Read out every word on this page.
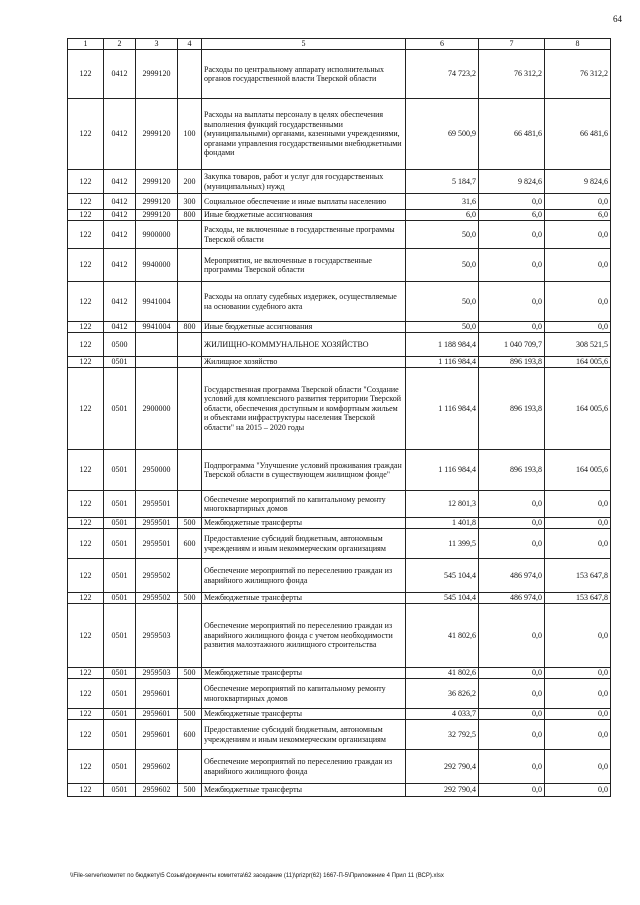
64
1	2	3	4	5	6	7	8
122	0412	2999120		Расходы по центральному аппарату исполнительных органов государственной власти Тверской области	74 723,2	76 312,2	76 312,2
122	0412	2999120	100	Расходы на выплаты персоналу в целях обеспечения выполнения функций государственными (муниципальными) органами, казенными учреждениями, органами управления государственными внебюджетными фондами	69 500,9	66 481,6	66 481,6
122	0412	2999120	200	Закупка товаров, работ и услуг для государственных (муниципальных) нужд	5 184,7	9 824,6	9 824,6
122	0412	2999120	300	Социальное обеспечение и иные выплаты населению	31,6	0,0	0,0
122	0412	2999120	800	Иные бюджетные ассигнования	6,0	6,0	6,0
122	0412	9900000		Расходы, не включенные в государственные программы Тверской области	50,0	0,0	0,0
122	0412	9940000		Мероприятия, не включенные в государственные программы Тверской области	50,0	0,0	0,0
122	0412	9941004		Расходы на оплату судебных издержек, осуществляемые на основании судебного акта	50,0	0,0	0,0
122	0412	9941004	800	Иные бюджетные ассигнования	50,0	0,0	0,0
122	0500			ЖИЛИЩНО-КОММУНАЛЬНОЕ ХОЗЯЙСТВО	1 188 984,4	1 040 709,7	308 521,5
122	0501			Жилищное хозяйство	1 116 984,4	896 193,8	164 005,6
122	0501	2900000		Государственная программа Тверской области "Создание условий для комплексного развития территории Тверской области, обеспечения доступным и комфортным жильем и объектами инфраструктуры населения Тверской области" на 2015 – 2020 годы	1 116 984,4	896 193,8	164 005,6
122	0501	2950000		Подпрограмма "Улучшение условий проживания граждан Тверской области в существующем жилищном фонде"	1 116 984,4	896 193,8	164 005,6
122	0501	2959501		Обеспечение мероприятий по капитальному ремонту многоквартирных домов	12 801,3	0,0	0,0
122	0501	2959501	500	Межбюджетные трансферты	1 401,8	0,0	0,0
122	0501	2959501	600	Предоставление субсидий бюджетным, автономным учреждениям и иным некоммерческим организациям	11 399,5	0,0	0,0
122	0501	2959502		Обеспечение мероприятий по переселению граждан из аварийного жилищного фонда	545 104,4	486 974,0	153 647,8
122	0501	2959502	500	Межбюджетные трансферты	545 104,4	486 974,0	153 647,8
122	0501	2959503		Обеспечение мероприятий по переселению граждан из аварийного жилищного фонда с учетом необходимости развития малоэтажного жилищного строительства	41 802,6	0,0	0,0
122	0501	2959503	500	Межбюджетные трансферты	41 802,6	0,0	0,0
122	0501	2959601		Обеспечение мероприятий по капитальному ремонту многоквартирных домов	36 826,2	0,0	0,0
122	0501	2959601	500	Межбюджетные трансферты	4 033,7	0,0	0,0
122	0501	2959601	600	Предоставление субсидий бюджетным, автономным учреждениям и иным некоммерческим организациям	32 792,5	0,0	0,0
122	0501	2959602		Обеспечение мероприятий по переселению граждан из аварийного жилищного фонда	292 790,4	0,0	0,0
122	0501	2959602	500	Межбюджетные трансферты	292 790,4	0,0	0,0
\\File-server\комитет по бюджету\5 Созыв\документы комитета\62 заседание (11)\prizpr(62) 1667-П-5\Приложение 4 Прил 11 (ВСР).xlsx
